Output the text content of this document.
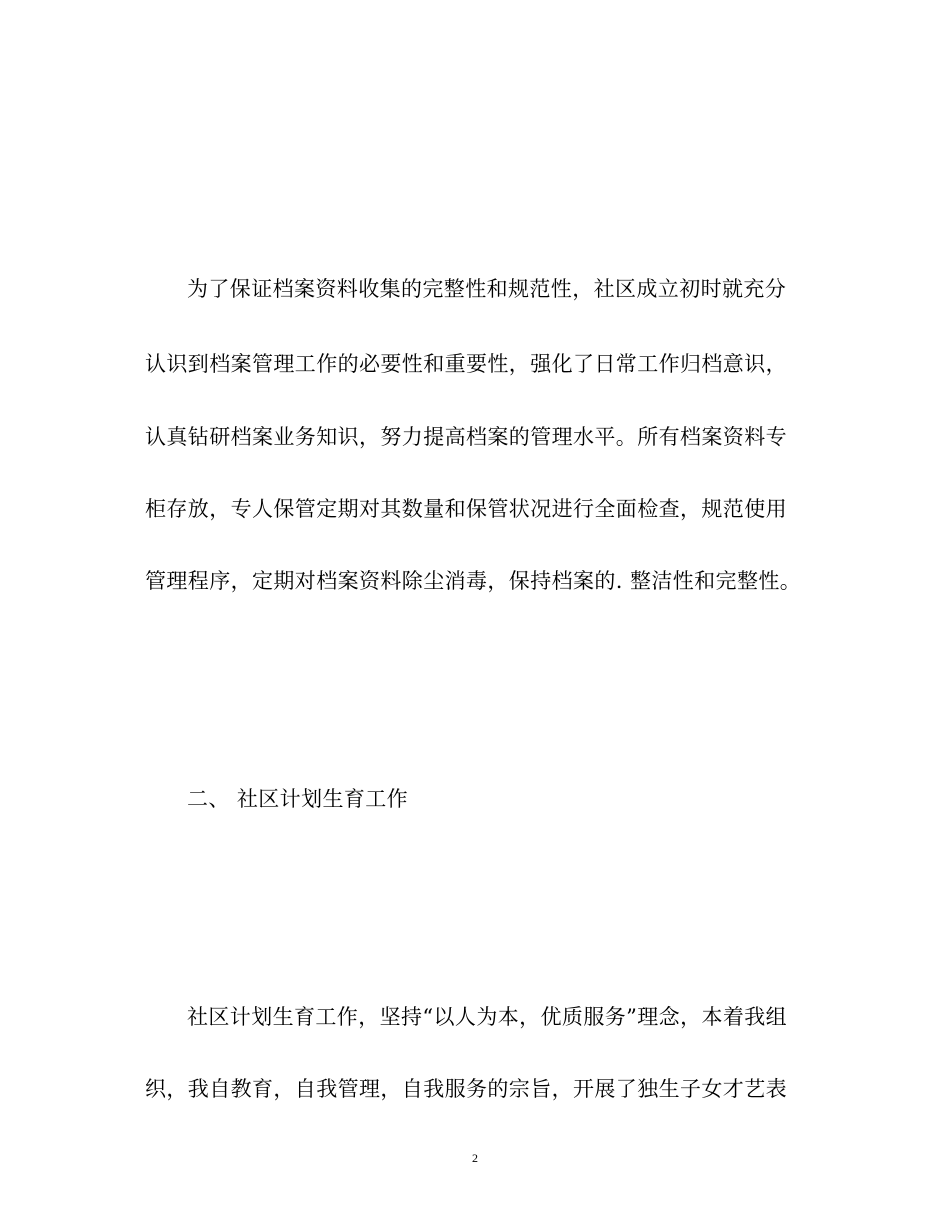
为了保证档案资料收集的完整性和规范性，社区成立初时就充分
认识到档案管理工作的必要性和重要性，强化了日常工作归档意识，
认真钻研档案业务知识，努力提高档案的管理水平。所有档案资料专
柜存放，专人保管定期对其数量和保管状况进行全面检查，规范使用
管理程序，定期对档案资料除尘消毒，保持档案的. 整洁性和完整性。
二、 社区计划生育工作
社区计划生育工作，坚持“以人为本，优质服务”理念，本着我组
织，我自教育，自我管理，自我服务的宗旨，开展了独生子女才艺表
2
